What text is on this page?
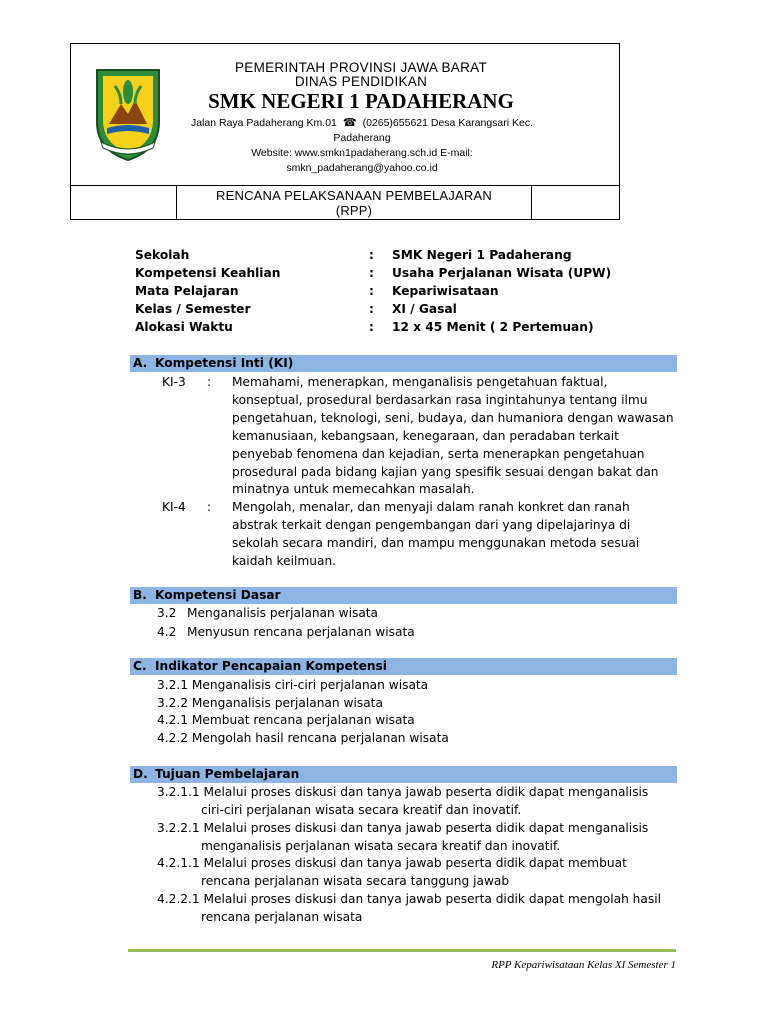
PEMERINTAH PROVINSI JAWA BARAT
DINAS PENDIDIKAN
SMK NEGERI 1 PADAHERANG
Jalan Raya Padaherang Km.01  ☎  (0265)655621 Desa Karangsari Kec.
Padaherang
Website: www.smkn1padaherang.sch.id E-mail:
smkn_padaherang@yahoo.co.id
RENCANA PELAKSANAAN PEMBELAJARAN
(RPP)
Sekolah	: SMK Negeri 1 Padaherang
Kompetensi Keahlian	: Usaha Perjalanan Wisata (UPW)
Mata Pelajaran	: Kepariwisataan
Kelas / Semester	: XI / Gasal
Alokasi Waktu	: 12 x 45 Menit ( 2 Pertemuan)
A. Kompetensi Inti (KI)
KI-3 : Memahami, menerapkan, menganalisis pengetahuan faktual,
konseptual, prosedural berdasarkan rasa ingintahunya tentang ilmu
pengetahuan, teknologi, seni, budaya, dan humaniora dengan wawasan
kemanusiaan, kebangsaan, kenegaraan, dan peradaban terkait
penyebab fenomena dan kejadian, serta menerapkan pengetahuan
prosedural pada bidang kajian yang spesifik sesuai dengan bakat dan
minatnya untuk memecahkan masalah.
KI-4 : Mengolah, menalar, dan menyaji dalam ranah konkret dan ranah
abstrak terkait dengan pengembangan dari yang dipelajarinya di
sekolah secara mandiri, dan mampu menggunakan metoda sesuai
kaidah keilmuan.
B. Kompetensi Dasar
3.2 Menganalisis perjalanan wisata
4.2 Menyusun rencana perjalanan wisata
C. Indikator Pencapaian Kompetensi
3.2.1 Menganalisis ciri-ciri perjalanan wisata
3.2.2 Menganalisis perjalanan wisata
4.2.1 Membuat rencana perjalanan wisata
4.2.2 Mengolah hasil rencana perjalanan wisata
D. Tujuan Pembelajaran
3.2.1.1 Melalui proses diskusi dan tanya jawab peserta didik dapat menganalisis
ciri-ciri perjalanan wisata secara kreatif dan inovatif.
3.2.2.1 Melalui proses diskusi dan tanya jawab peserta didik dapat menganalisis
menganalisis perjalanan wisata secara kreatif dan inovatif.
4.2.1.1 Melalui proses diskusi dan tanya jawab peserta didik dapat membuat
rencana perjalanan wisata secara tanggung jawab
4.2.2.1 Melalui proses diskusi dan tanya jawab peserta didik dapat mengolah hasil
rencana perjalanan wisata
RPP Kepariwisataan Kelas XI Semester 1
